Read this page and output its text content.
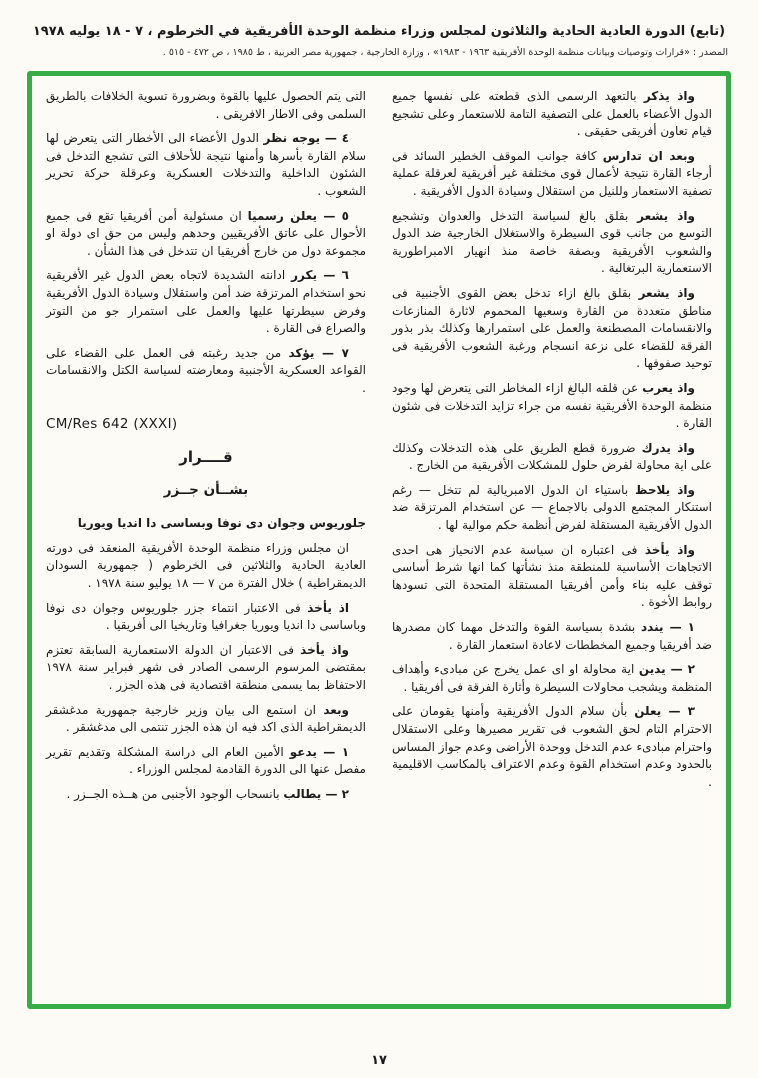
(تابع) الدورة العادية الحادية والثلاثون لمجلس وزراء منظمة الوحدة الأفريقية في الخرطوم ، ٧ - ١٨ يوليه ١٩٧٨
المصدر : «قرارات وتوصيات وبيانات منظمة الوحدة الأفريقية ١٩٦٣ - ١٩٨٣» ، وزارة الخارجية ، جمهورية مصر العربية ، ط ١٩٨٥ ، ص ٤٧٢ - ٥١٥ .

واذ يذكر بالتعهد الرسمى الذى قطعته على نفسها جميع الدول الأعضاء بالعمل على التصفية التامة للاستعمار وعلى تشجيع قيام تعاون أفريقى حقيقى .

وبعد ان تدارس كافة جوانب الموقف الخطير السائد فى أرجاء القارة نتيجة لأعمال قوى مختلفة غير أفريقية لعرقلة عملية تصفية الاستعمار وللنيل من استقلال وسيادة الدول الأفريقية .

واذ يشعر بقلق بالغ لسياسة التدخل والعدوان وتشجيع التوسع من جانب قوى السيطرة والاستغلال الخارجية ضد الدول والشعوب الأفريقية وبصفة خاصة منذ انهيار الامبراطورية الاستعمارية البرتغالية .

واذ يشعر بقلق بالغ ازاء تدخل بعض القوى الأجنبية فى مناطق متعددة من القارة وسعيها المحموم لاثارة المنازعات والانقسامات المصطنعة والعمل على استمرارها وكذلك بذر بذور الفرقة للقضاء على نزعة انسجام ورغبة الشعوب الأفريقية فى توحيد صفوفها .

واذ يعرب عن قلقه البالغ ازاء المخاطر التى يتعرض لها وجود منظمة الوحدة الأفريقية نفسه من جراء تزايد التدخلات فى شئون القارة .

واذ يدرك ضرورة قطع الطريق على هذه التدخلات وكذلك على اية محاولة لفرض حلول للمشكلات الأفريقية من الخارج .

واذ يلاحظ باستياء ان الدول الامبريالية لم تتخل — رغم استنكار المجتمع الدولى بالاجماع — عن استخدام المرتزقة ضد الدول الأفريقية المستقلة لفرض أنظمة حكم موالية لها .

واذ يأخذ فى اعتباره ان سياسة عدم الانحياز هى احدى الاتجاهات الأساسية للمنطقة منذ نشأتها كما انها شرط أساسى توقف عليه بناء وأمن أفريقيا المستقلة المتحدة التى تسودها روابط الأخوة .

١ — يندد بشدة بسياسة القوة والتدخل مهما كان مصدرها ضد أفريقيا وجميع المخططات لاعادة استعمار القارة .

٢ — يدين اية محاولة او اى عمل يخرج عن مبادىء وأهداف المنظمة ويشجب محاولات السيطرة وأثارة الفرقة فى أفريقيا .

٣ — يعلن بأن سلام الدول الأفريقية وأمنها يقومان على الاحترام التام لحق الشعوب فى تقرير مصيرها وعلى الاستقلال واحترام مبادىء عدم التدخل ووحدة الأراضى وعدم جواز المساس بالحدود وعدم استخدام القوة وعدم الاعتراف بالمكاسب الاقليمية .

التى يتم الحصول عليها بالقوة وبضرورة تسوية الخلافات بالطريق السلمى وفى الاطار الافريقى .

٤ — يوجه نظر الدول الأعضاء الى الأخطار التى يتعرض لها سلام القارة بأسرها وأمنها نتيجة للأحلاف التى تشجع التدخل فى الشئون الداخلية والتدخلات العسكرية وعرقلة حركة تحرير الشعوب .

٥ — يعلن رسميا ان مسئولية أمن أفريقيا تقع فى جميع الأحوال على عاتق الأفريقيين وحدهم وليس من حق اى دولة او مجموعة دول من خارج أفريقيا ان تتدخل فى هذا الشأن .

٦ — يكرر ادانته الشديدة لاتجاه بعض الدول غير الأفريقية نحو استخدام المرتزقة ضد أمن واستقلال وسيادة الدول الأفريقية وفرض سيطرتها عليها والعمل على استمرار جو من التوتر والصراع فى القارة .

٧ — يؤكد من جديد رغبته فى العمل على القضاء على القواعد العسكرية الأجنبية ومعارضته لسياسة الكتل والانقسامات .

CM/Res 642 (XXXI)
قــــرار
بشــأن جــزر

جلوريوس وجوان دى نوفا وبساسى دا انديا ويوريا

ان مجلس وزراء منظمة الوحدة الأفريقية المنعقد فى دورته العادية الحادية والثلاثين فى الخرطوم ( جمهورية السودان الديمقراطية ) خلال الفترة من ٧ — ١٨ يوليو سنة ١٩٧٨ .

اذ يأخذ فى الاعتبار انتماء جزر جلوريوس وجوان دى نوفا وباساسى دا انديا ويوريا جغرافيا وتاريخيا الى أفريقيا .

واذ يأخذ فى الاعتبار ان الدولة الاستعمارية السابقة تعتزم بمقتضى المرسوم الرسمى الصادر فى شهر فبراير سنة ١٩٧٨ الاحتفاظ بما يسمى منطقة اقتصادية فى هذه الجزر .

وبعد ان استمع الى بيان وزير خارجية جمهورية مدغشقر الديمقراطية الذى اكد فيه ان هذه الجزر تنتمى الى مدغشقر .

١ — يدعو الأمين العام الى دراسة المشكلة وتقديم تقرير مفصل عنها الى الدورة القادمة لمجلس الوزراء .

٢ — يطالب بانسحاب الوجود الأجنبى من هــذه الجــزر .

١٧
